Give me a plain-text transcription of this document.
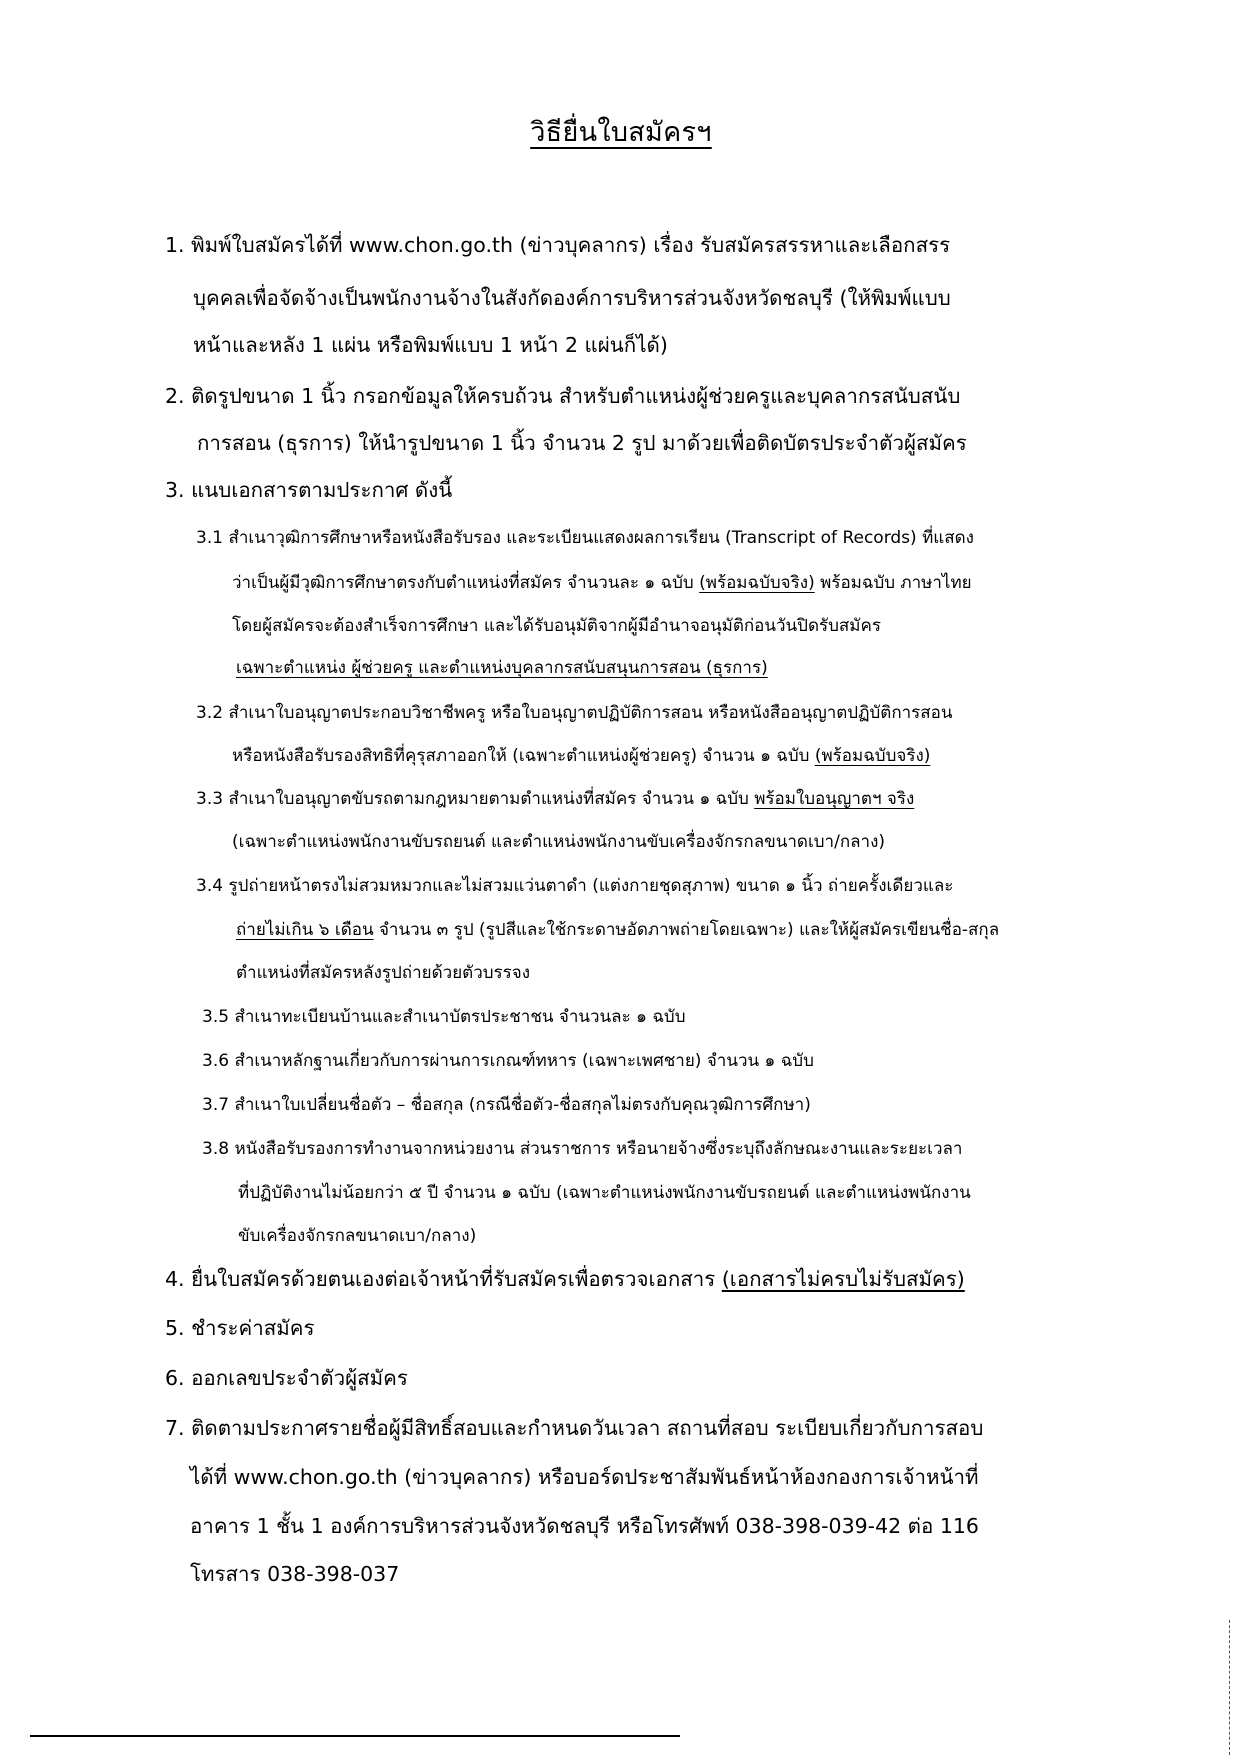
วิธียื่นใบสมัครฯ
1. พิมพ์ใบสมัครได้ที่ www.chon.go.th (ข่าวบุคลากร) เรื่อง รับสมัครสรรหาและเลือกสรร
บุคคลเพื่อจัดจ้างเป็นพนักงานจ้างในสังกัดองค์การบริหารส่วนจังหวัดชลบุรี (ให้พิมพ์แบบ
หน้าและหลัง 1 แผ่น หรือพิมพ์แบบ 1 หน้า 2 แผ่นก็ได้)
2. ติดรูปขนาด 1 นิ้ว กรอกข้อมูลให้ครบถ้วน สำหรับตำแหน่งผู้ช่วยครูและบุคลากรสนับสนับ
การสอน (ธุรการ) ให้นำรูปขนาด 1 นิ้ว จำนวน 2 รูป มาด้วยเพื่อติดบัตรประจำตัวผู้สมัคร
3. แนบเอกสารตามประกาศ ดังนี้
3.1 สำเนาวุฒิการศึกษาหรือหนังสือรับรอง และระเบียนแสดงผลการเรียน (Transcript of Records) ที่แสดง
ว่าเป็นผู้มีวุฒิการศึกษาตรงกับตำแหน่งที่สมัคร จำนวนละ ๑ ฉบับ (พร้อมฉบับจริง) พร้อมฉบับ ภาษาไทย
โดยผู้สมัครจะต้องสำเร็จการศึกษา และได้รับอนุมัติจากผู้มีอำนาจอนุมัติก่อนวันปิดรับสมัคร
เฉพาะตำแหน่ง ผู้ช่วยครู และตำแหน่งบุคลากรสนับสนุนการสอน (ธุรการ)
3.2 สำเนาใบอนุญาตประกอบวิชาชีพครู หรือใบอนุญาตปฏิบัติการสอน หรือหนังสืออนุญาตปฏิบัติการสอน
หรือหนังสือรับรองสิทธิที่คุรุสภาออกให้ (เฉพาะตำแหน่งผู้ช่วยครู) จำนวน ๑ ฉบับ (พร้อมฉบับจริง)
3.3 สำเนาใบอนุญาตขับรถตามกฎหมายตามตำแหน่งที่สมัคร จำนวน ๑ ฉบับ พร้อมใบอนุญาตฯ จริง
(เฉพาะตำแหน่งพนักงานขับรถยนต์ และตำแหน่งพนักงานขับเครื่องจักรกลขนาดเบา/กลาง)
3.4 รูปถ่ายหน้าตรงไม่สวมหมวกและไม่สวมแว่นตาดำ (แต่งกายชุดสุภาพ) ขนาด ๑ นิ้ว ถ่ายครั้งเดียวและ
ถ่ายไม่เกิน ๖ เดือน จำนวน ๓ รูป (รูปสีและใช้กระดาษอัดภาพถ่ายโดยเฉพาะ) และให้ผู้สมัครเขียนชื่อ-สกุล
ตำแหน่งที่สมัครหลังรูปถ่ายด้วยตัวบรรจง
3.5 สำเนาทะเบียนบ้านและสำเนาบัตรประชาชน จำนวนละ ๑ ฉบับ
3.6 สำเนาหลักฐานเกี่ยวกับการผ่านการเกณฑ์ทหาร (เฉพาะเพศชาย) จำนวน ๑ ฉบับ
3.7 สำเนาใบเปลี่ยนชื่อตัว – ชื่อสกุล (กรณีชื่อตัว-ชื่อสกุลไม่ตรงกับคุณวุฒิการศึกษา)
3.8 หนังสือรับรองการทำงานจากหน่วยงาน ส่วนราชการ หรือนายจ้างซึ่งระบุถึงลักษณะงานและระยะเวลา
ที่ปฏิบัติงานไม่น้อยกว่า ๕ ปี จำนวน ๑ ฉบับ (เฉพาะตำแหน่งพนักงานขับรถยนต์ และตำแหน่งพนักงาน
ขับเครื่องจักรกลขนาดเบา/กลาง)
4. ยื่นใบสมัครด้วยตนเองต่อเจ้าหน้าที่รับสมัครเพื่อตรวจเอกสาร (เอกสารไม่ครบไม่รับสมัคร)
5. ชำระค่าสมัคร
6. ออกเลขประจำตัวผู้สมัคร
7. ติดตามประกาศรายชื่อผู้มีสิทธิ์สอบและกำหนดวันเวลา สถานที่สอบ ระเบียบเกี่ยวกับการสอบ
ได้ที่ www.chon.go.th (ข่าวบุคลากร) หรือบอร์ดประชาสัมพันธ์หน้าห้องกองการเจ้าหน้าที่
อาคาร 1 ชั้น 1 องค์การบริหารส่วนจังหวัดชลบุรี หรือโทรศัพท์ 038-398-039-42 ต่อ 116
โทรสาร 038-398-037
